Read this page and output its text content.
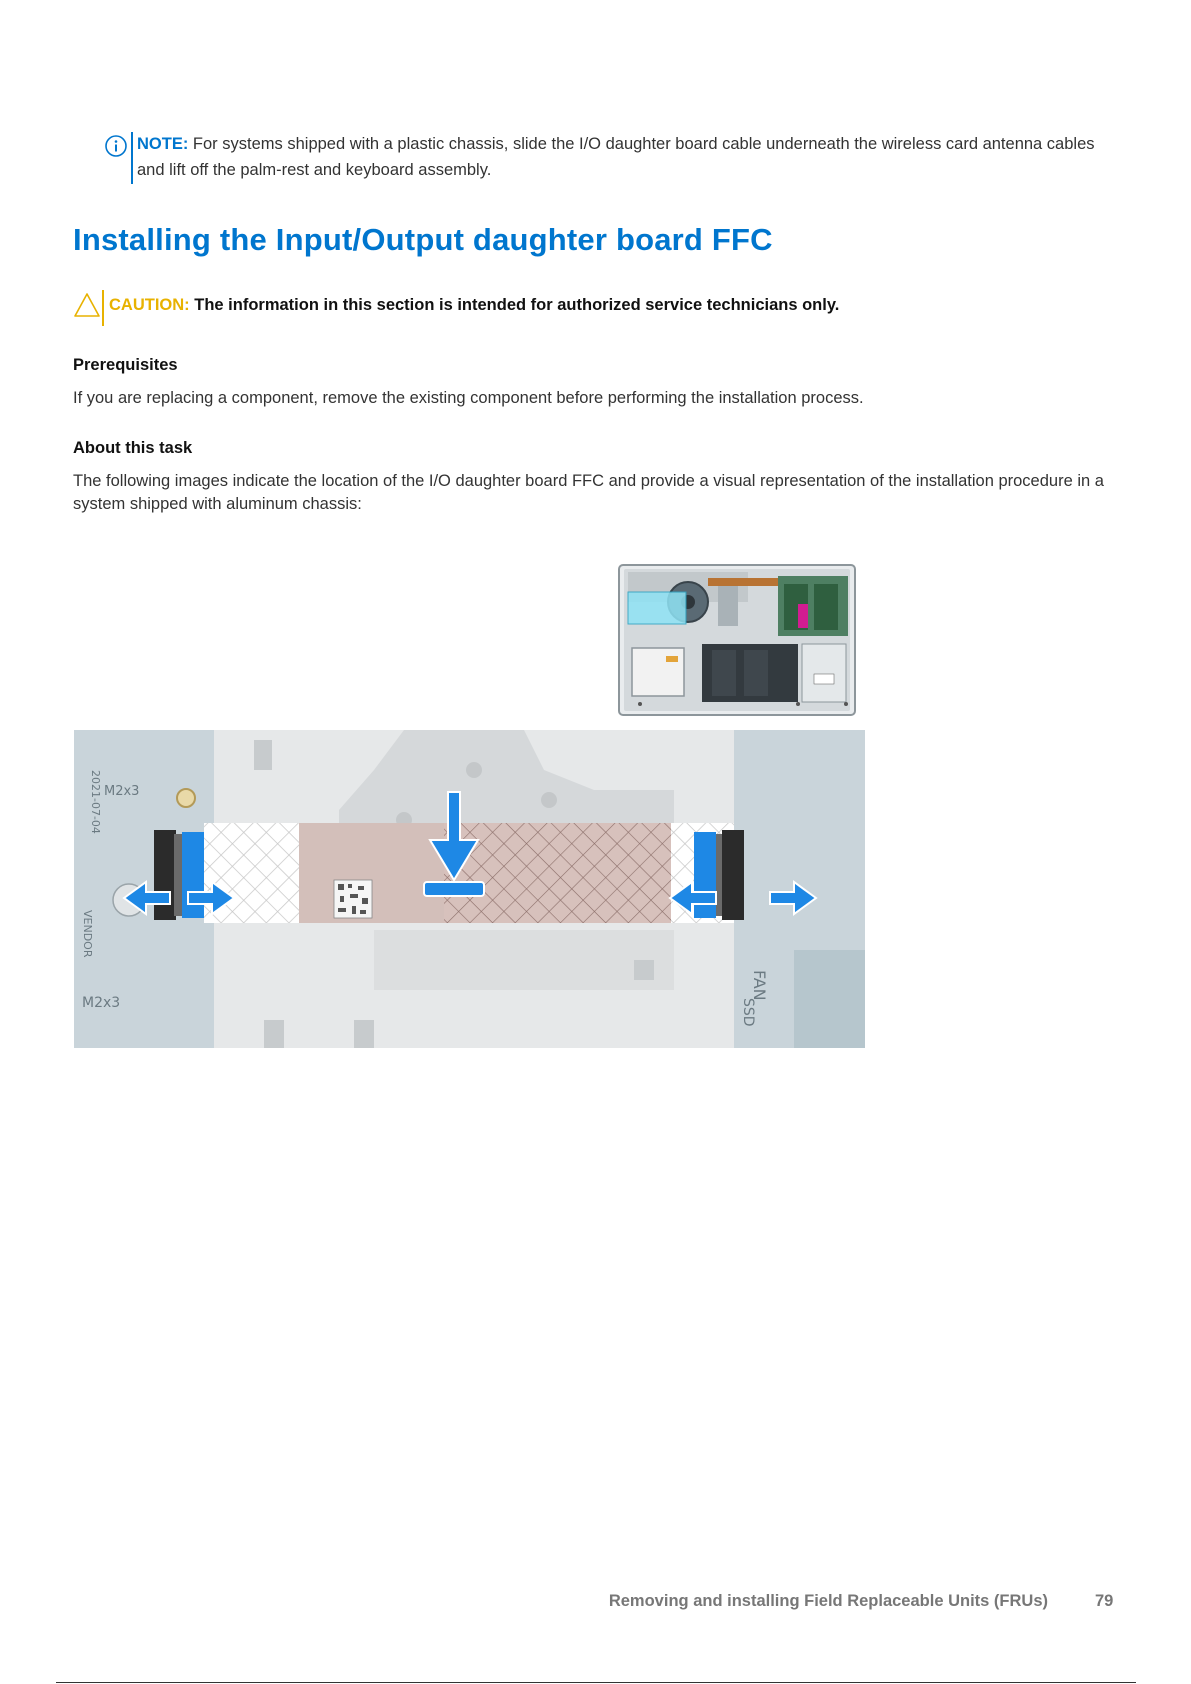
NOTE: For systems shipped with a plastic chassis, slide the I/O daughter board cable underneath the wireless card antenna cables and lift off the palm-rest and keyboard assembly.
Installing the Input/Output daughter board FFC
CAUTION: The information in this section is intended for authorized service technicians only.
Prerequisites

If you are replacing a component, remove the existing component before performing the installation process.

About this task

The following images indicate the location of the I/O daughter board FFC and provide a visual representation of the installation procedure in a system shipped with aluminum chassis:

M2x3
M2x3
2021-07-04
VENDOR
FAN
SSD
Removing and installing Field Replaceable Units (FRUs)	79
